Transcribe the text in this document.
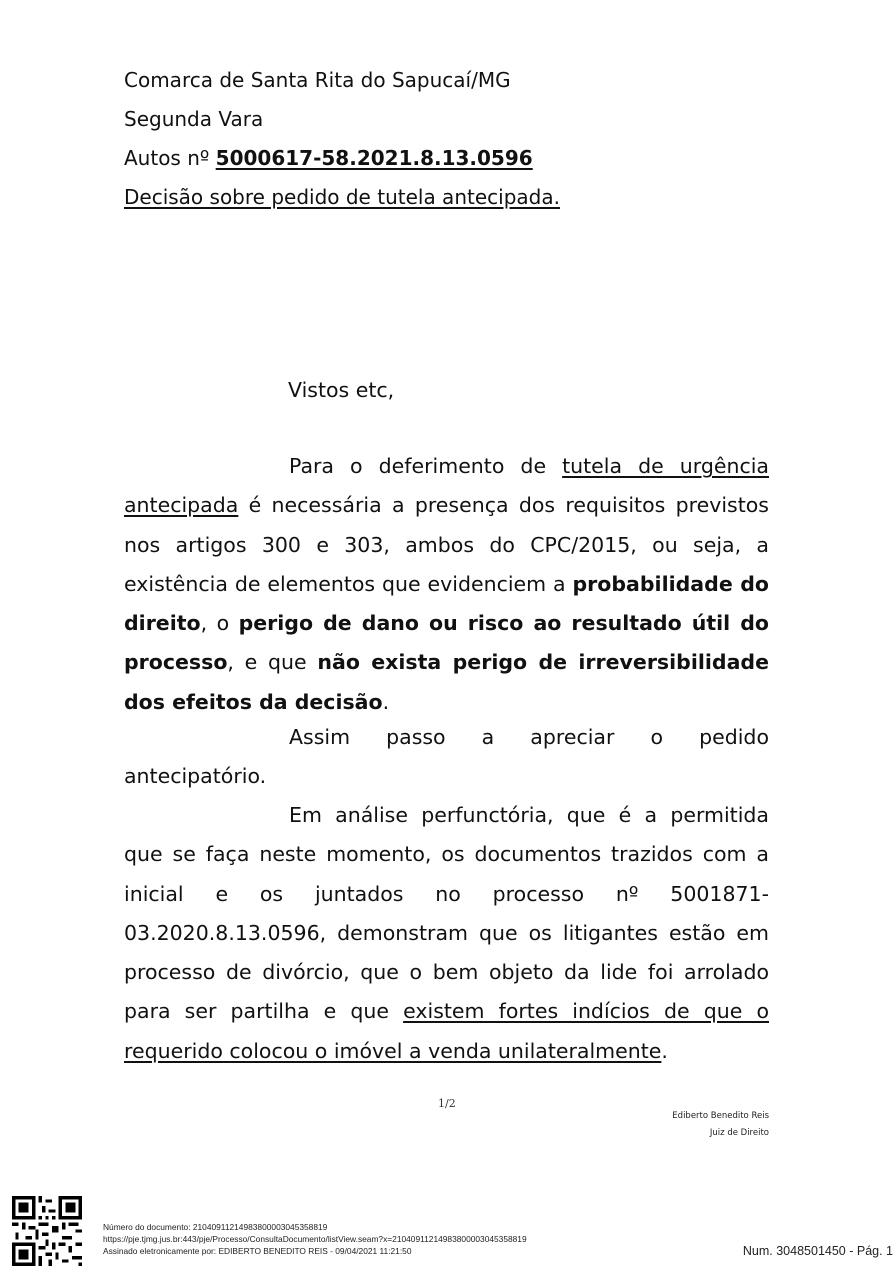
Comarca de Santa Rita do Sapucaí/MG
Segunda Vara
Autos nº 5000617-58.2021.8.13.0596
Decisão sobre pedido de tutela antecipada.
Vistos etc,

Para o deferimento de tutela de urgência antecipada é necessária a presença dos requisitos previstos nos artigos 300 e 303, ambos do CPC/2015, ou seja, a existência de elementos que evidenciem a probabilidade do direito, o perigo de dano ou risco ao resultado útil do processo, e que não exista perigo de irreversibilidade dos efeitos da decisão.

Assim passo a apreciar o pedido antecipatório.

Em análise perfunctória, que é a permitida que se faça neste momento, os documentos trazidos com a inicial e os juntados no processo nº 5001871-03.2020.8.13.0596, demonstram que os litigantes estão em processo de divórcio, que o bem objeto da lide foi arrolado para ser partilha e que existem fortes indícios de que o requerido colocou o imóvel a venda unilateralmente.

1/2
Ediberto Benedito Reis
Juiz de Direito
Número do documento: 21040911214983800003045358819
https://pje.tjmg.jus.br:443/pje/Processo/ConsultaDocumento/listView.seam?x=21040911214983800003045358819
Assinado eletronicamente por: EDIBERTO BENEDITO REIS - 09/04/2021 11:21:50	Num. 3048501450 - Pág. 1
